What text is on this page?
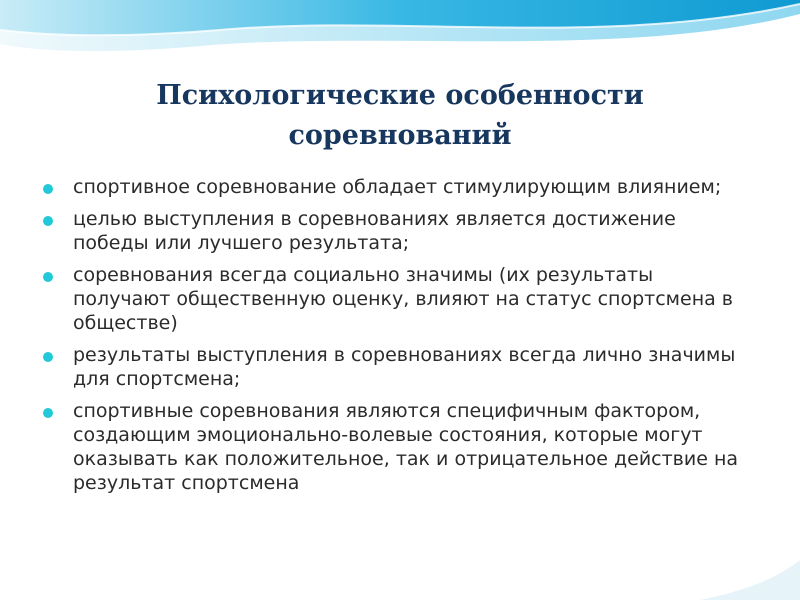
Психологические особенности соревнований
спортивное соревнование обладает стимулирующим влиянием;
целью выступления в соревнованиях является достижение победы или лучшего результата;
соревнования всегда социально значимы (их результаты получают общественную оценку, влияют на статус спортсмена в обществе)
результаты выступления в соревнованиях всегда лично значимы для спортсмена;
спортивные соревнования являются специфичным фактором, создающим эмоционально-волевые состояния, которые могут оказывать как положительное, так и отрицательное действие на результат спортсмена
